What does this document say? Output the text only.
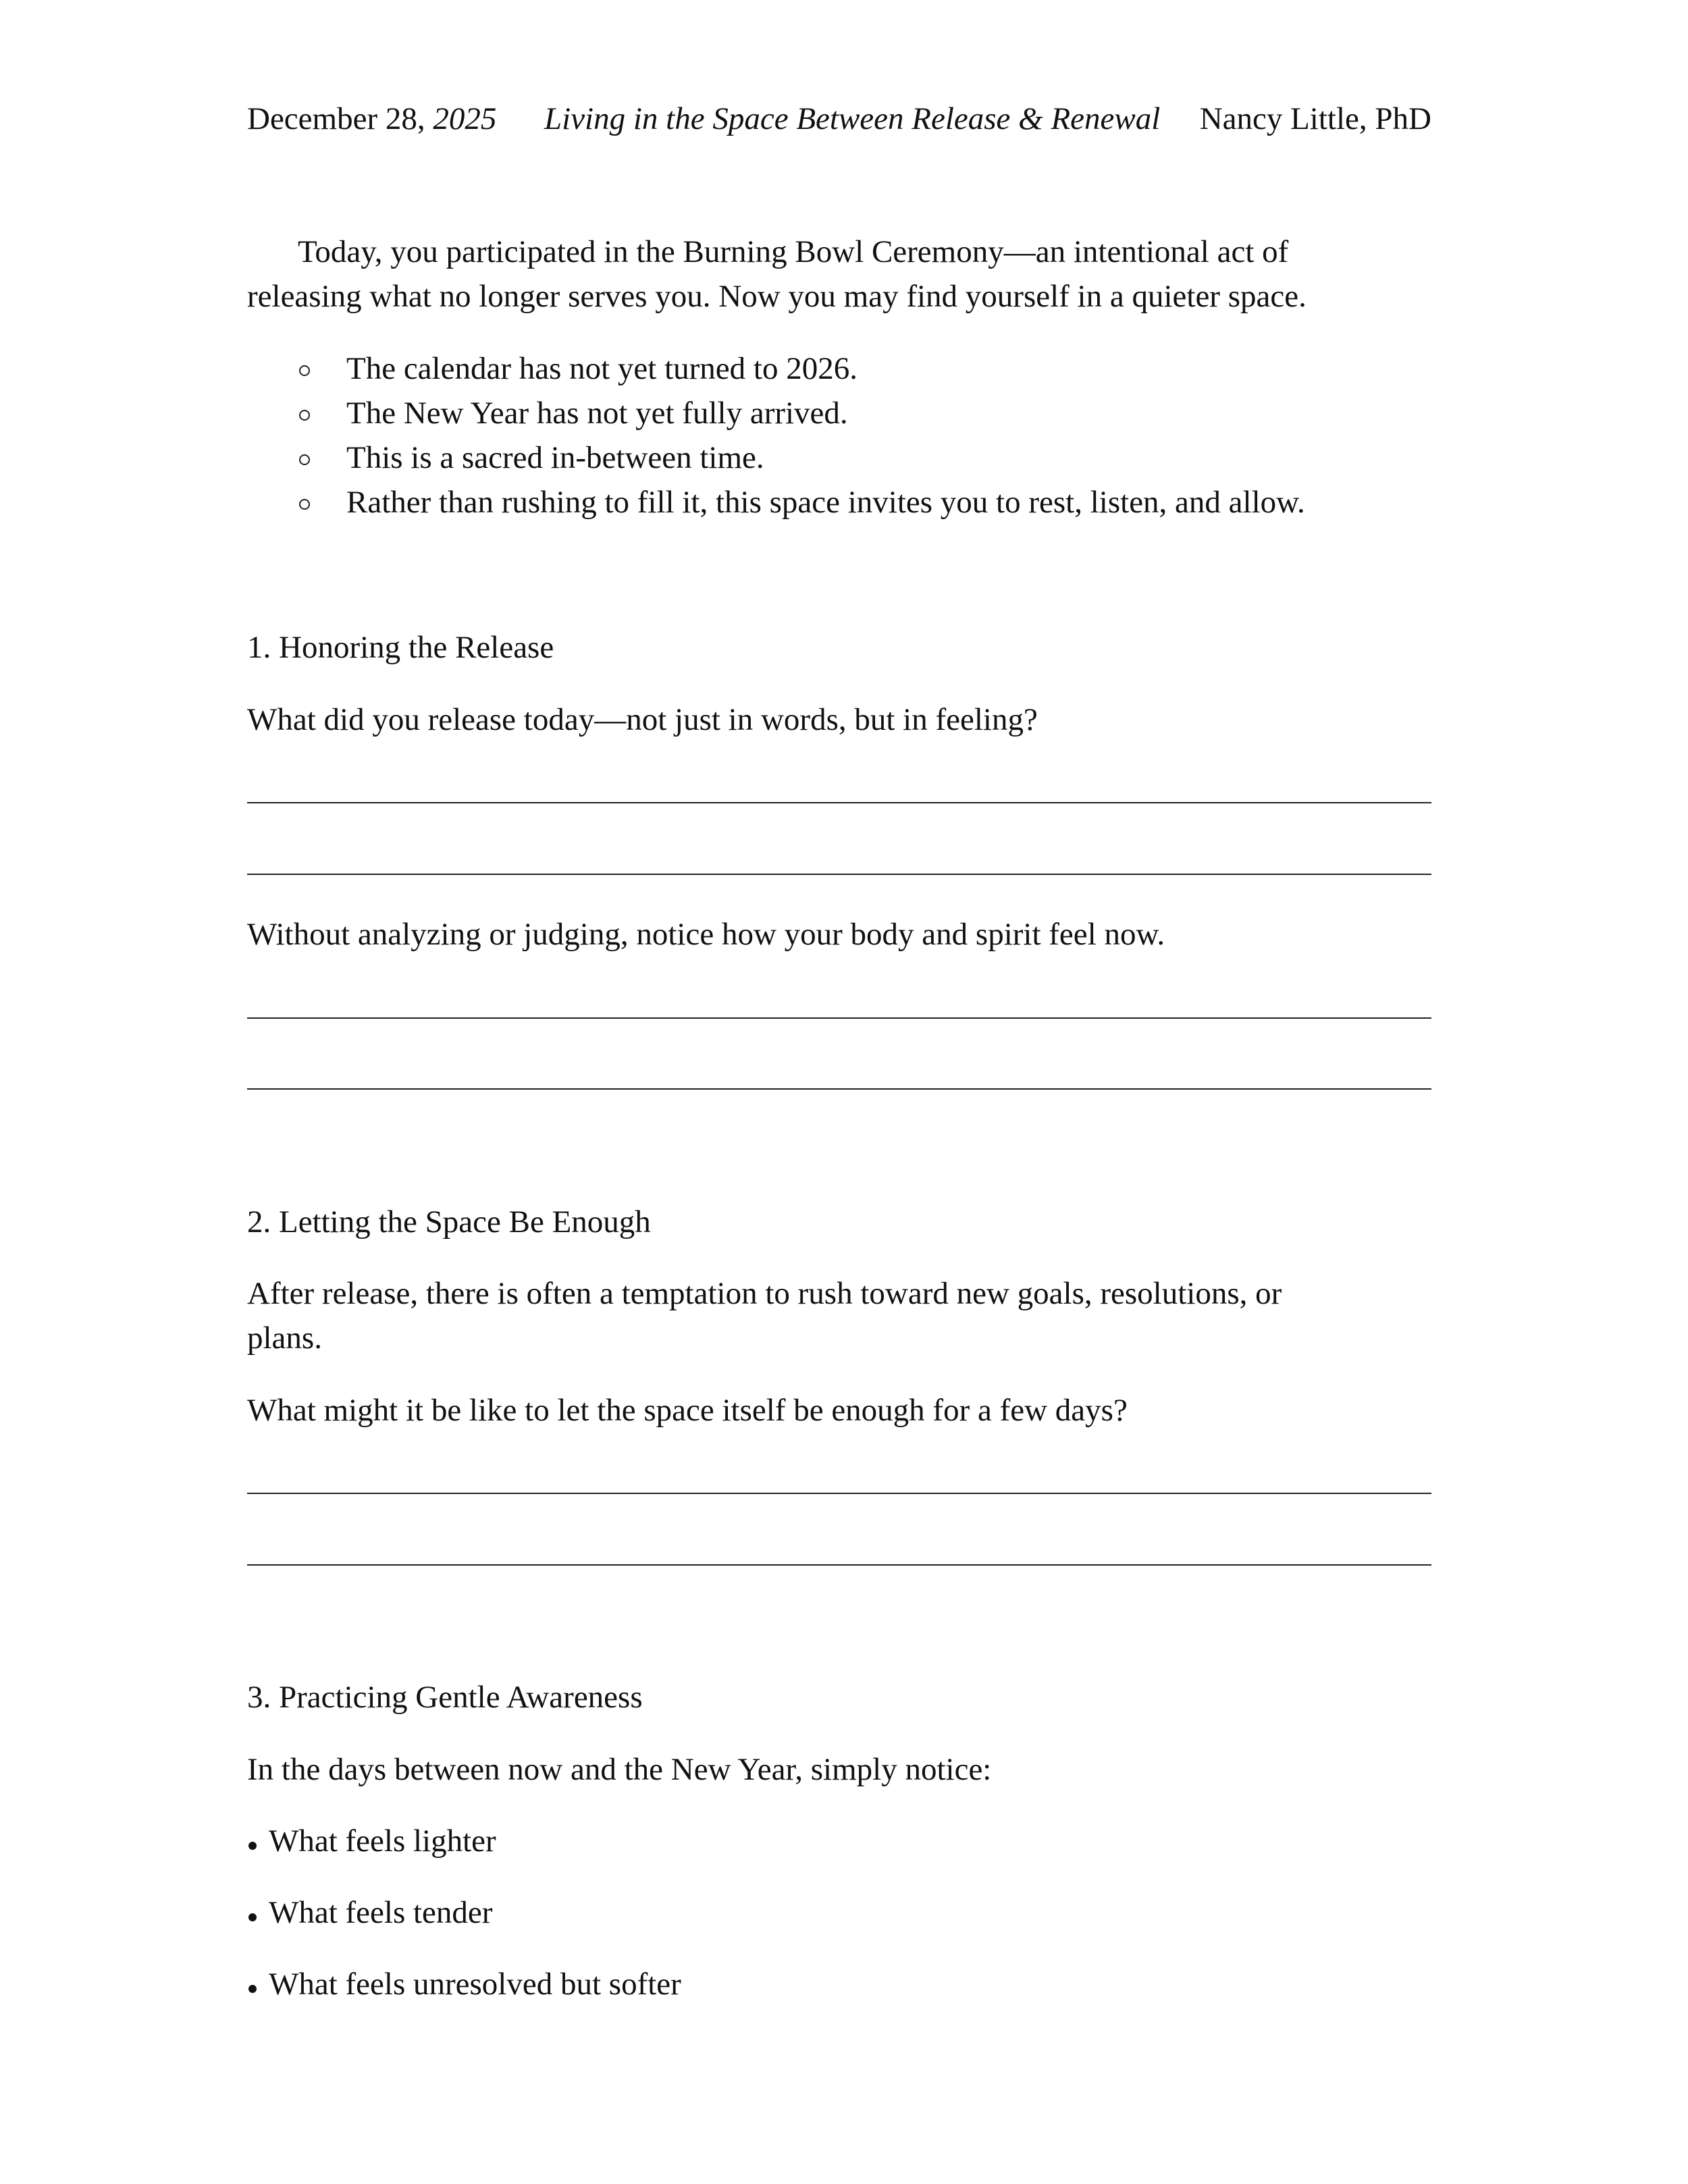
December 28, 2025 Living in the Space Between Release & Renewal Nancy Little, PhD
Today, you participated in the Burning Bowl Ceremony—an intentional act of
releasing what no longer serves you. Now you may find yourself in a quieter space.
The calendar has not yet turned to 2026.
The New Year has not yet fully arrived.
This is a sacred in-between time.
Rather than rushing to fill it, this space invites you to rest, listen, and allow.
1. Honoring the Release
What did you release today—not just in words, but in feeling?
Without analyzing or judging, notice how your body and spirit feel now.
2. Letting the Space Be Enough
After release, there is often a temptation to rush toward new goals, resolutions, or
plans.
What might it be like to let the space itself be enough for a few days?
3. Practicing Gentle Awareness
In the days between now and the New Year, simply notice:
What feels lighter
What feels tender
What feels unresolved but softer
